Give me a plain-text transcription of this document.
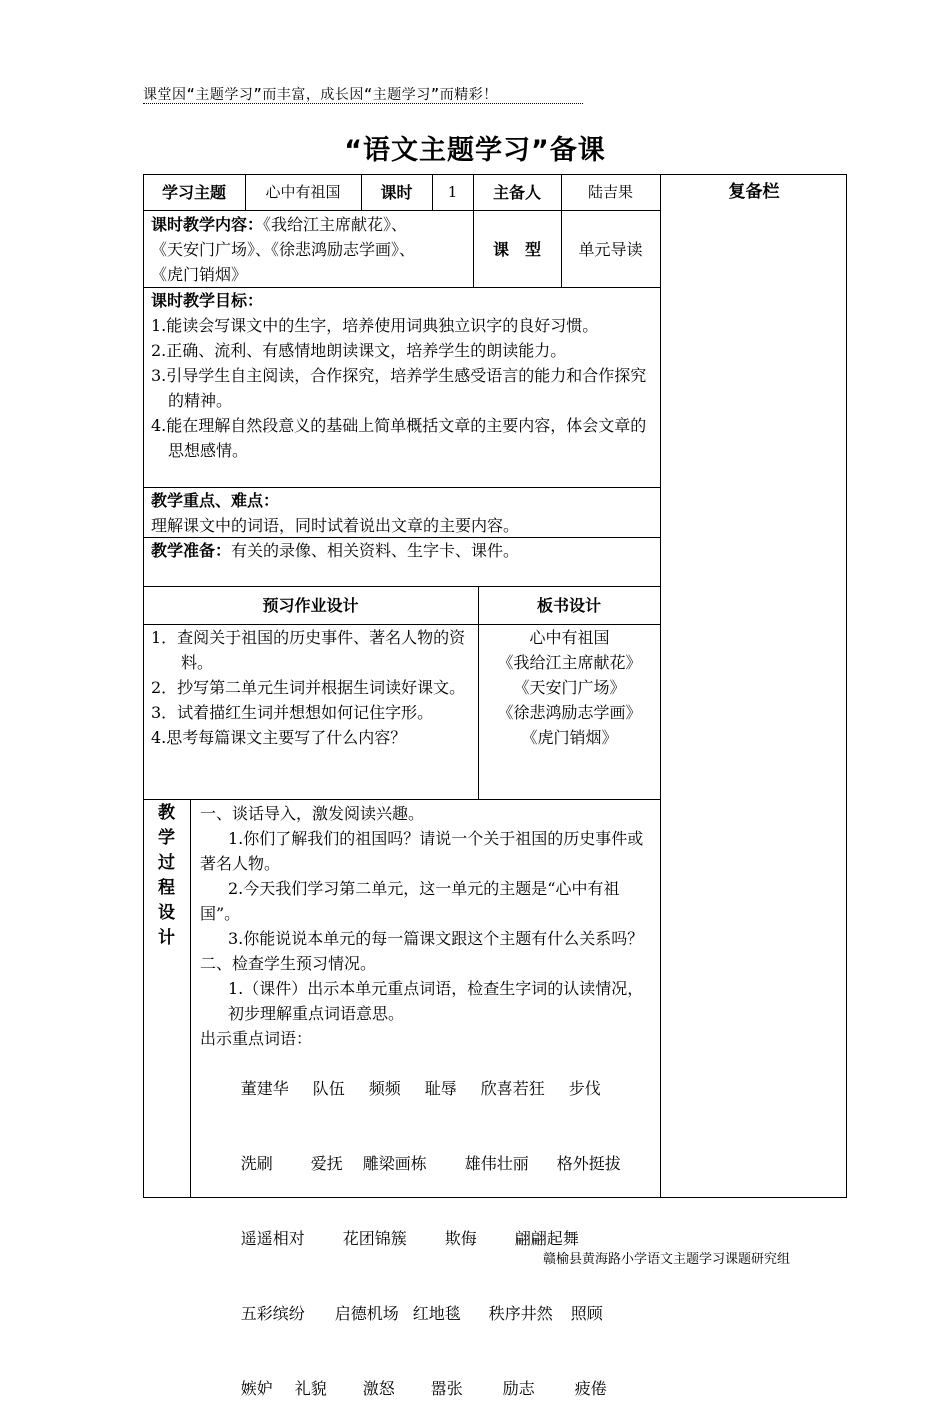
课堂因“主题学习”而丰富，成长因“主题学习”而精彩！
“语文主题学习”备课
学习主题	心中有祖国	课时	1	主备人	陆吉果	复备栏
课时教学内容：《我给江主席献花》、
《天安门广场》、《徐悲鸿励志学画》、
《虎门销烟》
课　型	单元导读
课时教学目标：
1.能读会写课文中的生字，培养使用词典独立识字的良好习惯。
2.正确、流利、有感情地朗读课文，培养学生的朗读能力。
3.引导学生自主阅读，合作探究，培养学生感受语言的能力和合作探究的精神。
4.能在理解自然段意义的基础上简单概括文章的主要内容，体会文章的思想感情。
教学重点、难点：
理解课文中的词语，同时试着说出文章的主要内容。
教学准备：有关的录像、相关资料、生字卡、课件。
预习作业设计	板书设计
1．查阅关于祖国的历史事件、著名人物的资料。
2．抄写第二单元生词并根据生词读好课文。
3．试着描红生词并想想如何记住字形。
4.思考每篇课文主要写了什么内容？
心中有祖国
《我给江主席献花》
《天安门广场》
《徐悲鸿励志学画》
《虎门销烟》
教
学
过
程
设
计
一、谈话导入，激发阅读兴趣。
1.你们了解我们的祖国吗？请说一个关于祖国的历史事件或著名人物。
2.今天我们学习第二单元，这一单元的主题是“心中有祖国”。
3.你能说说本单元的每一篇课文跟这个主题有什么关系吗？
二、检查学生预习情况。
1.（课件）出示本单元重点词语，检查生字词的认读情况，初步理解重点词语意思。
出示重点词语：

董建华 队伍 频频 耻辱 欣喜若狂 步伐

洗刷 爱抚 雕梁画栋 雄伟壮丽 格外挺拔

遥遥相对 花团锦簇 欺侮 翩翩起舞

五彩缤纷 启德机场 红地毯 秩序井然 照顾

嫉妒 礼貌 激怒 嚣张	励志	疲倦

赣榆县黄海路小学语文主题学习课题研究组
